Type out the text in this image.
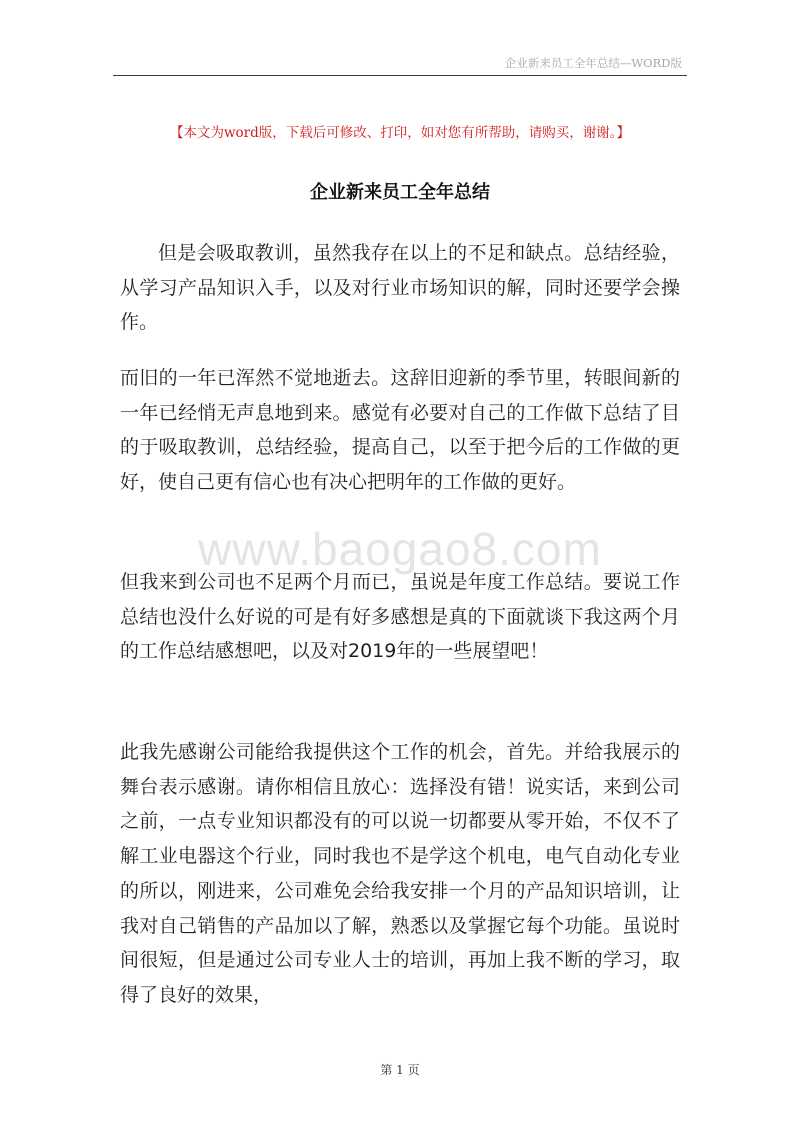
企业新来员工全年总结—WORD版
【本文为word版，下载后可修改、打印，如对您有所帮助，请购买，谢谢。】
企业新来员工全年总结

但是会吸取教训，虽然我存在以上的不足和缺点。总结经验，从学习产品知识入手，以及对行业市场知识的解，同时还要学会操作。

而旧的一年已浑然不觉地逝去。这辞旧迎新的季节里，转眼间新的一年已经悄无声息地到来。感觉有必要对自己的工作做下总结了目的于吸取教训，总结经验，提高自己，以至于把今后的工作做的更好，使自己更有信心也有决心把明年的工作做的更好。

www.baogao8.com

但我来到公司也不足两个月而已，虽说是年度工作总结。要说工作总结也没什么好说的可是有好多感想是真的下面就谈下我这两个月的工作总结感想吧，以及对2019年的一些展望吧！

此我先感谢公司能给我提供这个工作的机会，首先。并给我展示的舞台表示感谢。请你相信且放心：选择没有错！说实话，来到公司之前，一点专业知识都没有的可以说一切都要从零开始，不仅不了解工业电器这个行业，同时我也不是学这个机电，电气自动化专业的所以，刚进来，公司难免会给我安排一个月的产品知识培训，让我对自己销售的产品加以了解，熟悉以及掌握它每个功能。虽说时间很短，但是通过公司专业人士的培训，再加上我不断的学习，取得了良好的效果，

第 1 页
